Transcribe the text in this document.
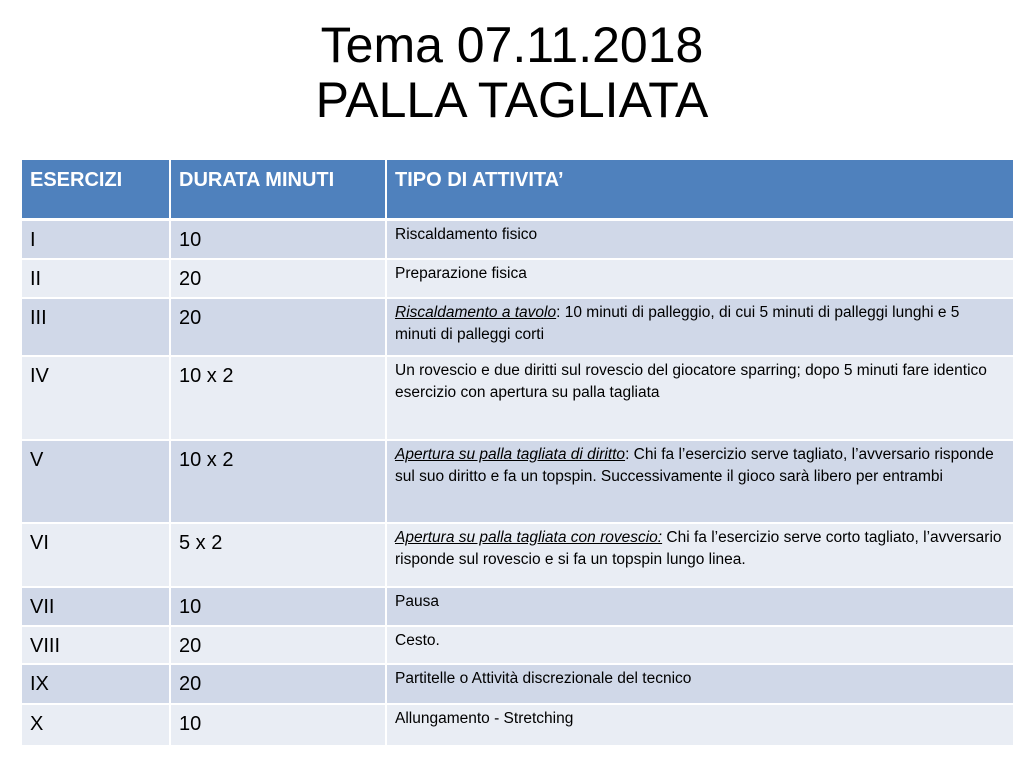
Tema 07.11.2018
PALLA TAGLIATA
ESERCIZI	DURATA MINUTI	TIPO DI ATTIVITA’
I	10	Riscaldamento fisico
II	20	Preparazione fisica
III	20	Riscaldamento a tavolo: 10 minuti di palleggio, di cui 5 minuti di palleggi lunghi e 5 minuti di palleggi corti
IV	10 x 2	Un rovescio e due diritti sul rovescio del giocatore sparring; dopo 5 minuti fare identico esercizio con apertura su palla tagliata
V	10 x 2	Apertura su palla tagliata di diritto: Chi fa l’esercizio serve tagliato, l’avversario risponde sul suo diritto e fa un topspin. Successivamente il gioco sarà libero per entrambi
VI	5 x 2	Apertura su palla tagliata con rovescio: Chi fa l’esercizio serve corto tagliato, l’avversario risponde sul rovescio e si fa un topspin lungo linea.
VII	10	Pausa
VIII	20	Cesto.
IX	20	Partitelle o Attività discrezionale del tecnico
X	10	Allungamento - Stretching
